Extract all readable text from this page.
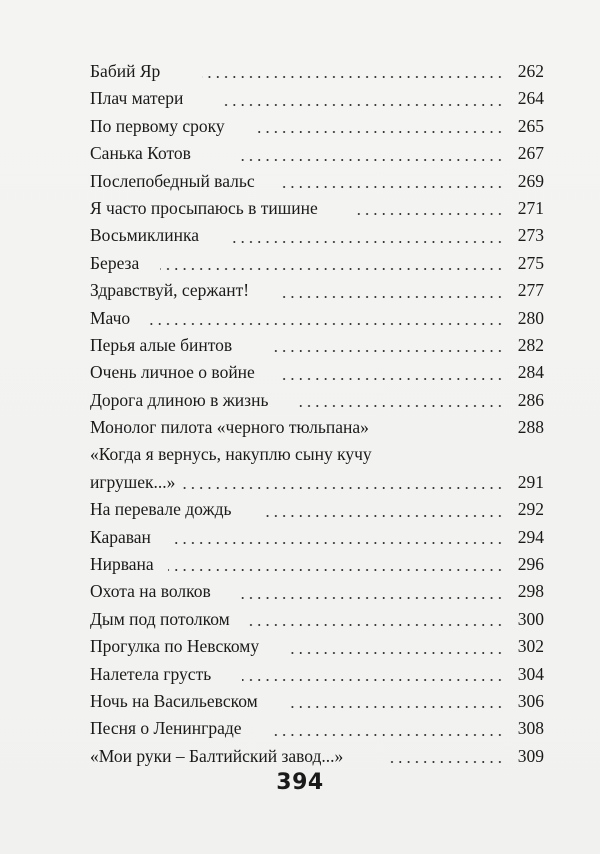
Бабий Яр	262
Плач матери	264
По первому сроку	265
Санька Котов	267
Послепобедный вальс	269
Я часто просыпаюсь в тишине	271
Восьмиклинка	273
Береза	275
Здравствуй, сержант!	277
Мачо	280
Перья алые бинтов	282
Очень личное о войне	284
Дорога длиною в жизнь	286
Монолог пилота «черного тюльпана»	288
«Когда я вернусь, накуплю сыну кучу игрушек...»	291
На перевале дождь	292
Караван	294
Нирвана	296
Охота на волков	298
Дым под потолком	300
Прогулка по Невскому	302
Налетела грусть	304
Ночь на Васильевском	306
Песня о Ленинграде	308
«Мои руки – Балтийский завод...»	309
394
